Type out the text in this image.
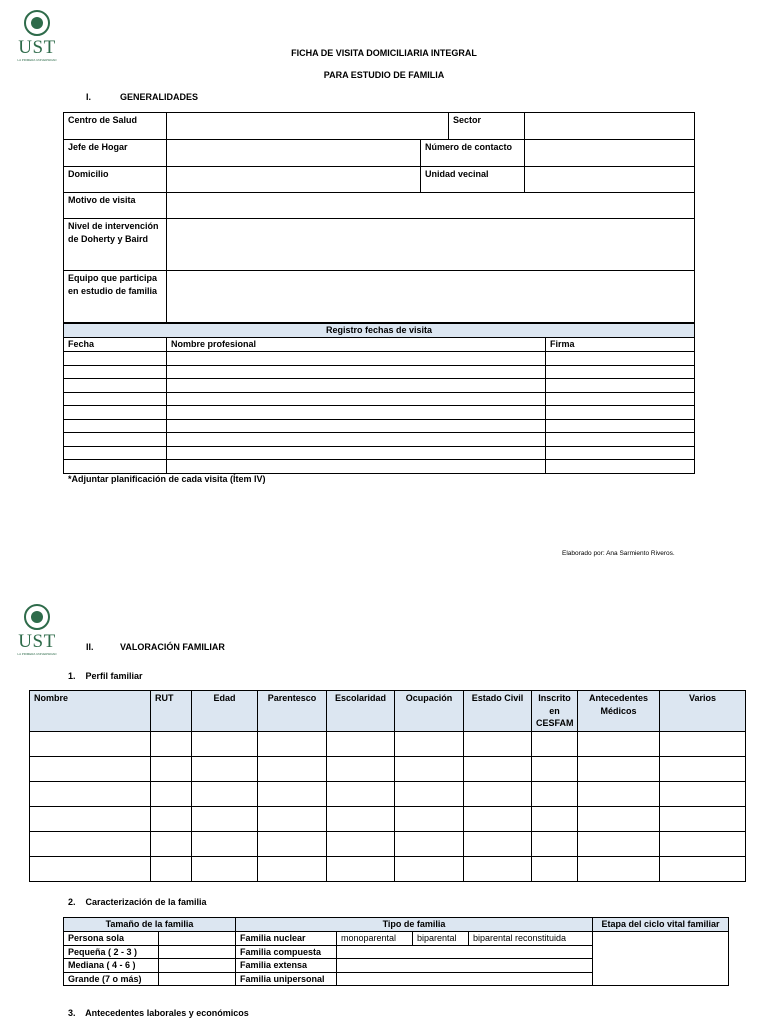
UST
LA PRIMERA UNIVERSIDAD
FICHA DE VISITA DOMICILIARIA INTEGRAL
PARA ESTUDIO DE FAMILIA
I.	GENERALIDADES
Centro de Salud			Sector	
Jefe de Hogar		Número de contacto		
Domicilio		Unidad vecinal		
Motivo de visita				
Nivel de intervención de Doherty y Baird				
Equipo que participa en estudio de familia				
Registro fechas de visita		
Fecha	Nombre profesional	Firma

*Adjuntar planificación de cada visita (Ítem IV)
Elaborado por: Ana Sarmiento Riveros.
UST
LA PRIMERA UNIVERSIDAD
II.	VALORACIÓN FAMILIAR
1.    Perfil familiar
Nombre	RUT	Edad	Parentesco	Escolaridad	Ocupación	Estado Civil	Inscrito en CESFAM	Antecedentes Médicos	Varios

2.    Caracterización de la familia
Tamaño de la familia		Tipo de familia				Etapa del ciclo vital familiar
Persona sola		Familia nuclear	monoparental	biparental	biparental reconstituida	
Pequeña ( 2 - 3 )		Familia compuesta				
Mediana ( 4 - 6 )		Familia extensa				
Grande (7 o más)		Familia unipersonal				
3.    Antecedentes laborales y económicos
